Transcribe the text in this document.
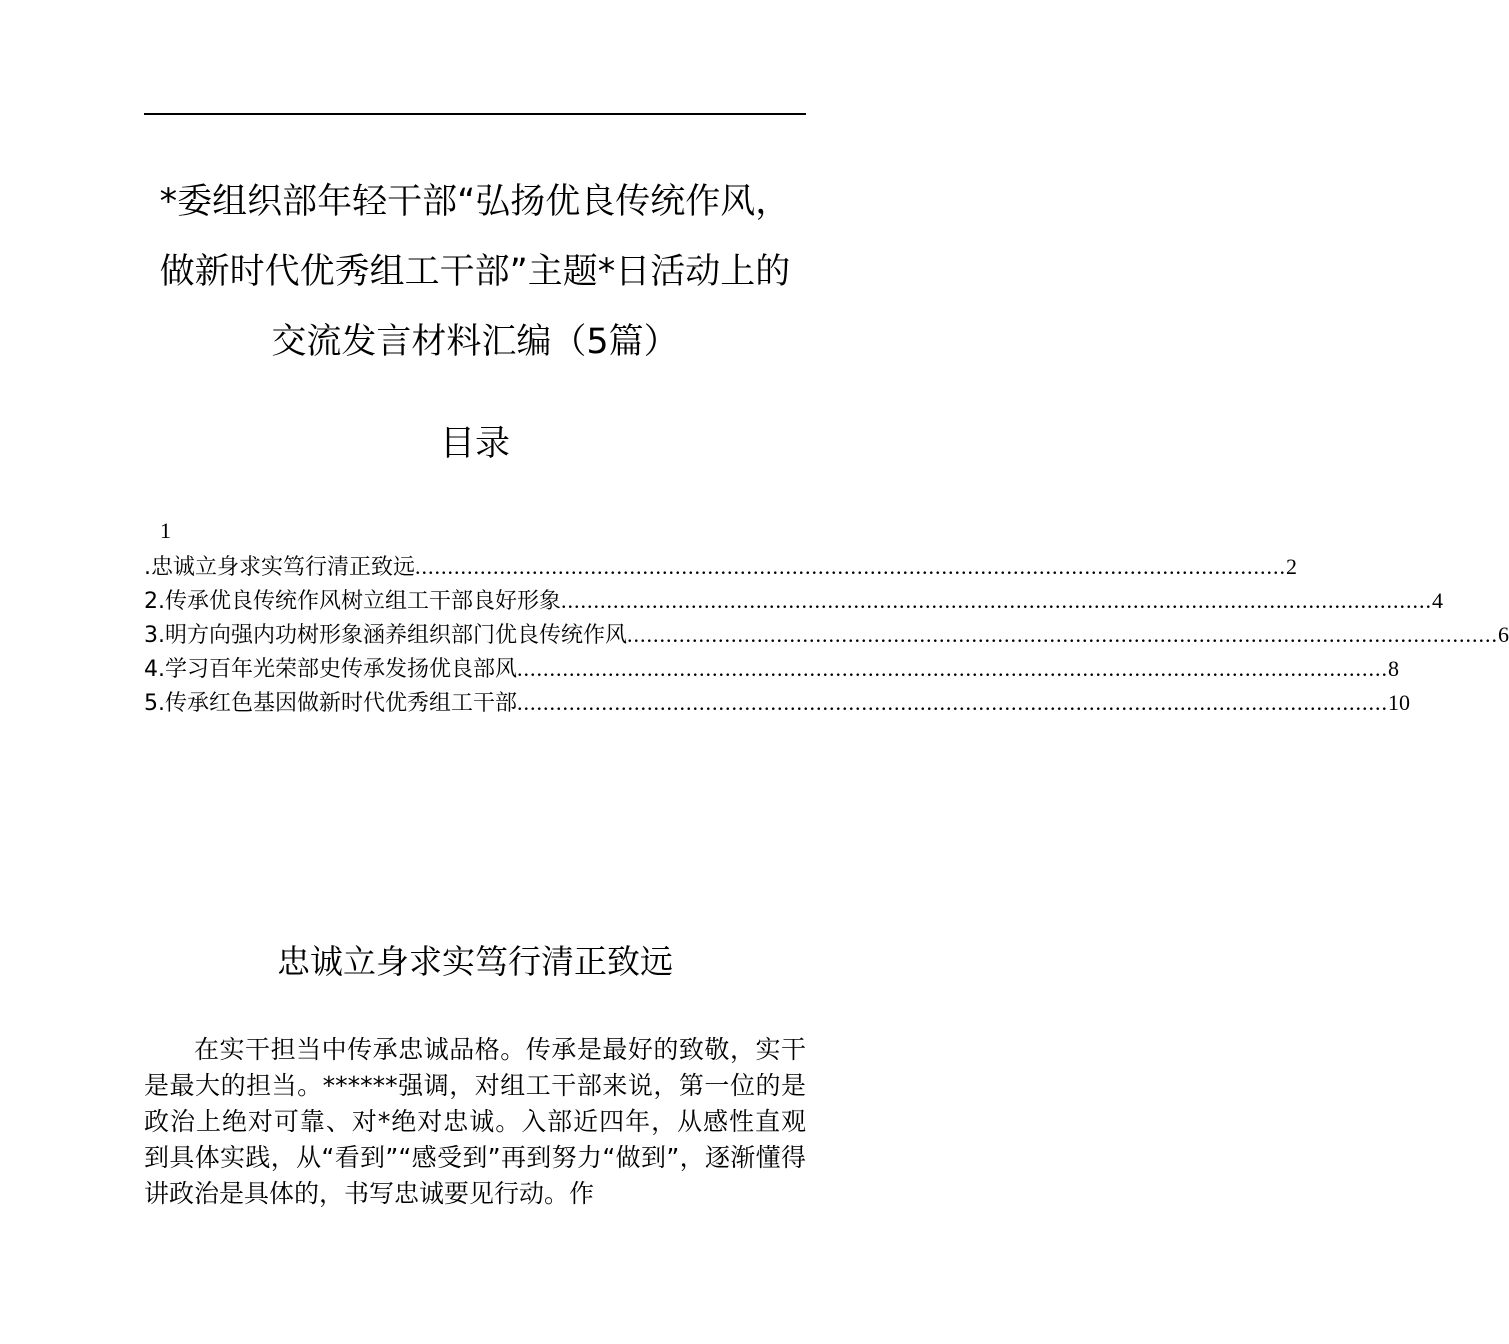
*委组织部年轻干部“弘扬优良传统作风，
做新时代优秀组工干部”主题*日活动上的
交流发言材料汇编（5篇）
目录
1
.忠诚立身求实笃行清正致远 ...................................................................................................................................... 2
2.传承优良传统作风树立组工干部良好形象 ...................................................................................................................................... 4
3.明方向强内功树形象涵养组织部门优良传统作风 ...................................................................................................................................... 6
4.学习百年光荣部史传承发扬优良部风 ...................................................................................................................................... 8
5.传承红色基因做新时代优秀组工干部 ...................................................................................................................................... 10
忠诚立身求实笃行清正致远
在实干担当中传承忠诚品格。传承是最好的致敬，实干是最大的担当。******强调，对组工干部来说，第一位的是政治上绝对可靠、对*绝对忠诚。入部近四年，从感性直观到具体实践，从“看到”“感受到”再到努力“做到”，逐渐懂得讲政治是具体的，书写忠诚要见行动。作
